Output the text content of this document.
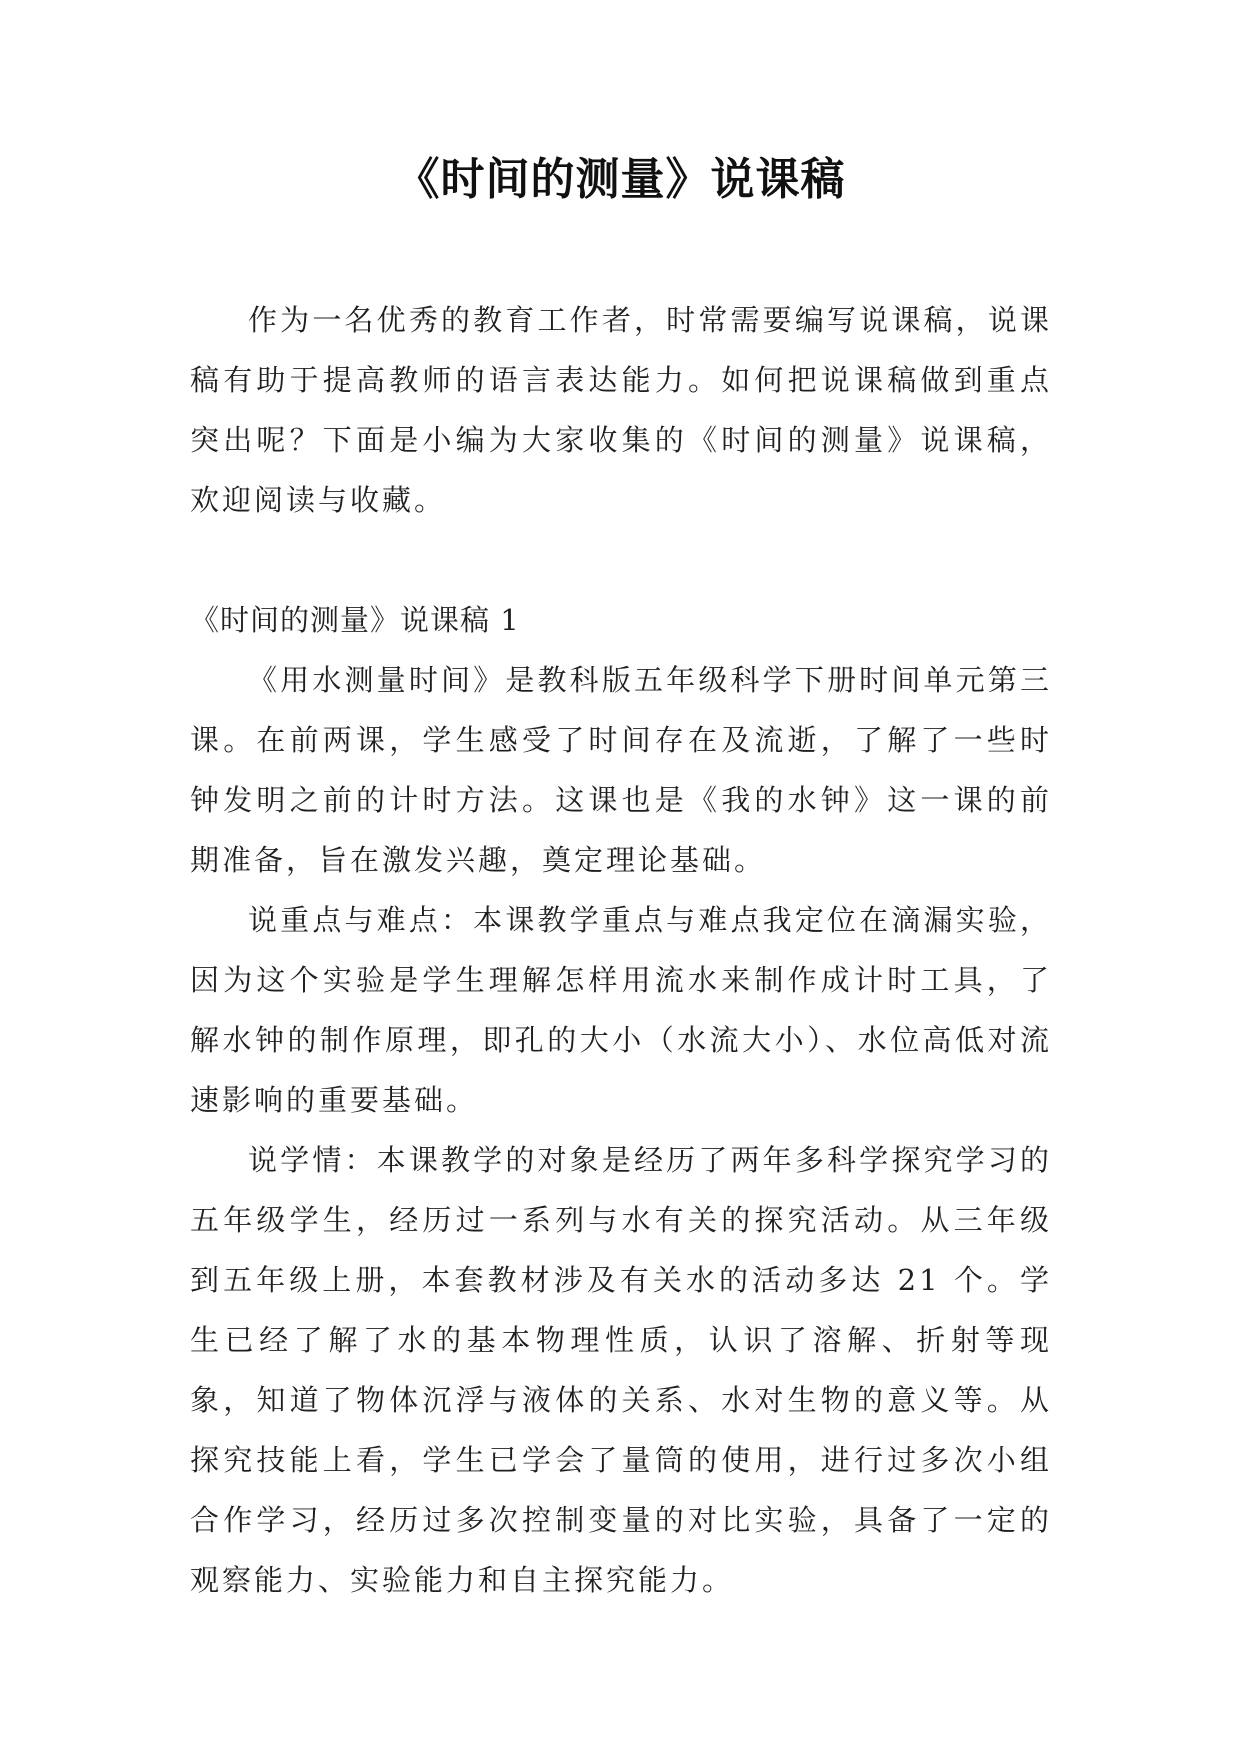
《时间的测量》说课稿

作为一名优秀的教育工作者，时常需要编写说课稿，说课稿有助于提高教师的语言表达能力。如何把说课稿做到重点突出呢？下面是小编为大家收集的《时间的测量》说课稿，欢迎阅读与收藏。

《时间的测量》说课稿 1

《用水测量时间》是教科版五年级科学下册时间单元第三课。在前两课，学生感受了时间存在及流逝，了解了一些时钟发明之前的计时方法。这课也是《我的水钟》这一课的前期准备，旨在激发兴趣，奠定理论基础。

说重点与难点：本课教学重点与难点我定位在滴漏实验，因为这个实验是学生理解怎样用流水来制作成计时工具，了解水钟的制作原理，即孔的大小（水流大小）、水位高低对流速影响的重要基础。

说学情：本课教学的对象是经历了两年多科学探究学习的五年级学生，经历过一系列与水有关的探究活动。从三年级到五年级上册，本套教材涉及有关水的活动多达 21 个。学生已经了解了水的基本物理性质，认识了溶解、折射等现象，知道了物体沉浮与液体的关系、水对生物的意义等。从探究技能上看，学生已学会了量筒的使用，进行过多次小组合作学习，经历过多次控制变量的对比实验，具备了一定的观察能力、实验能力和自主探究能力。
